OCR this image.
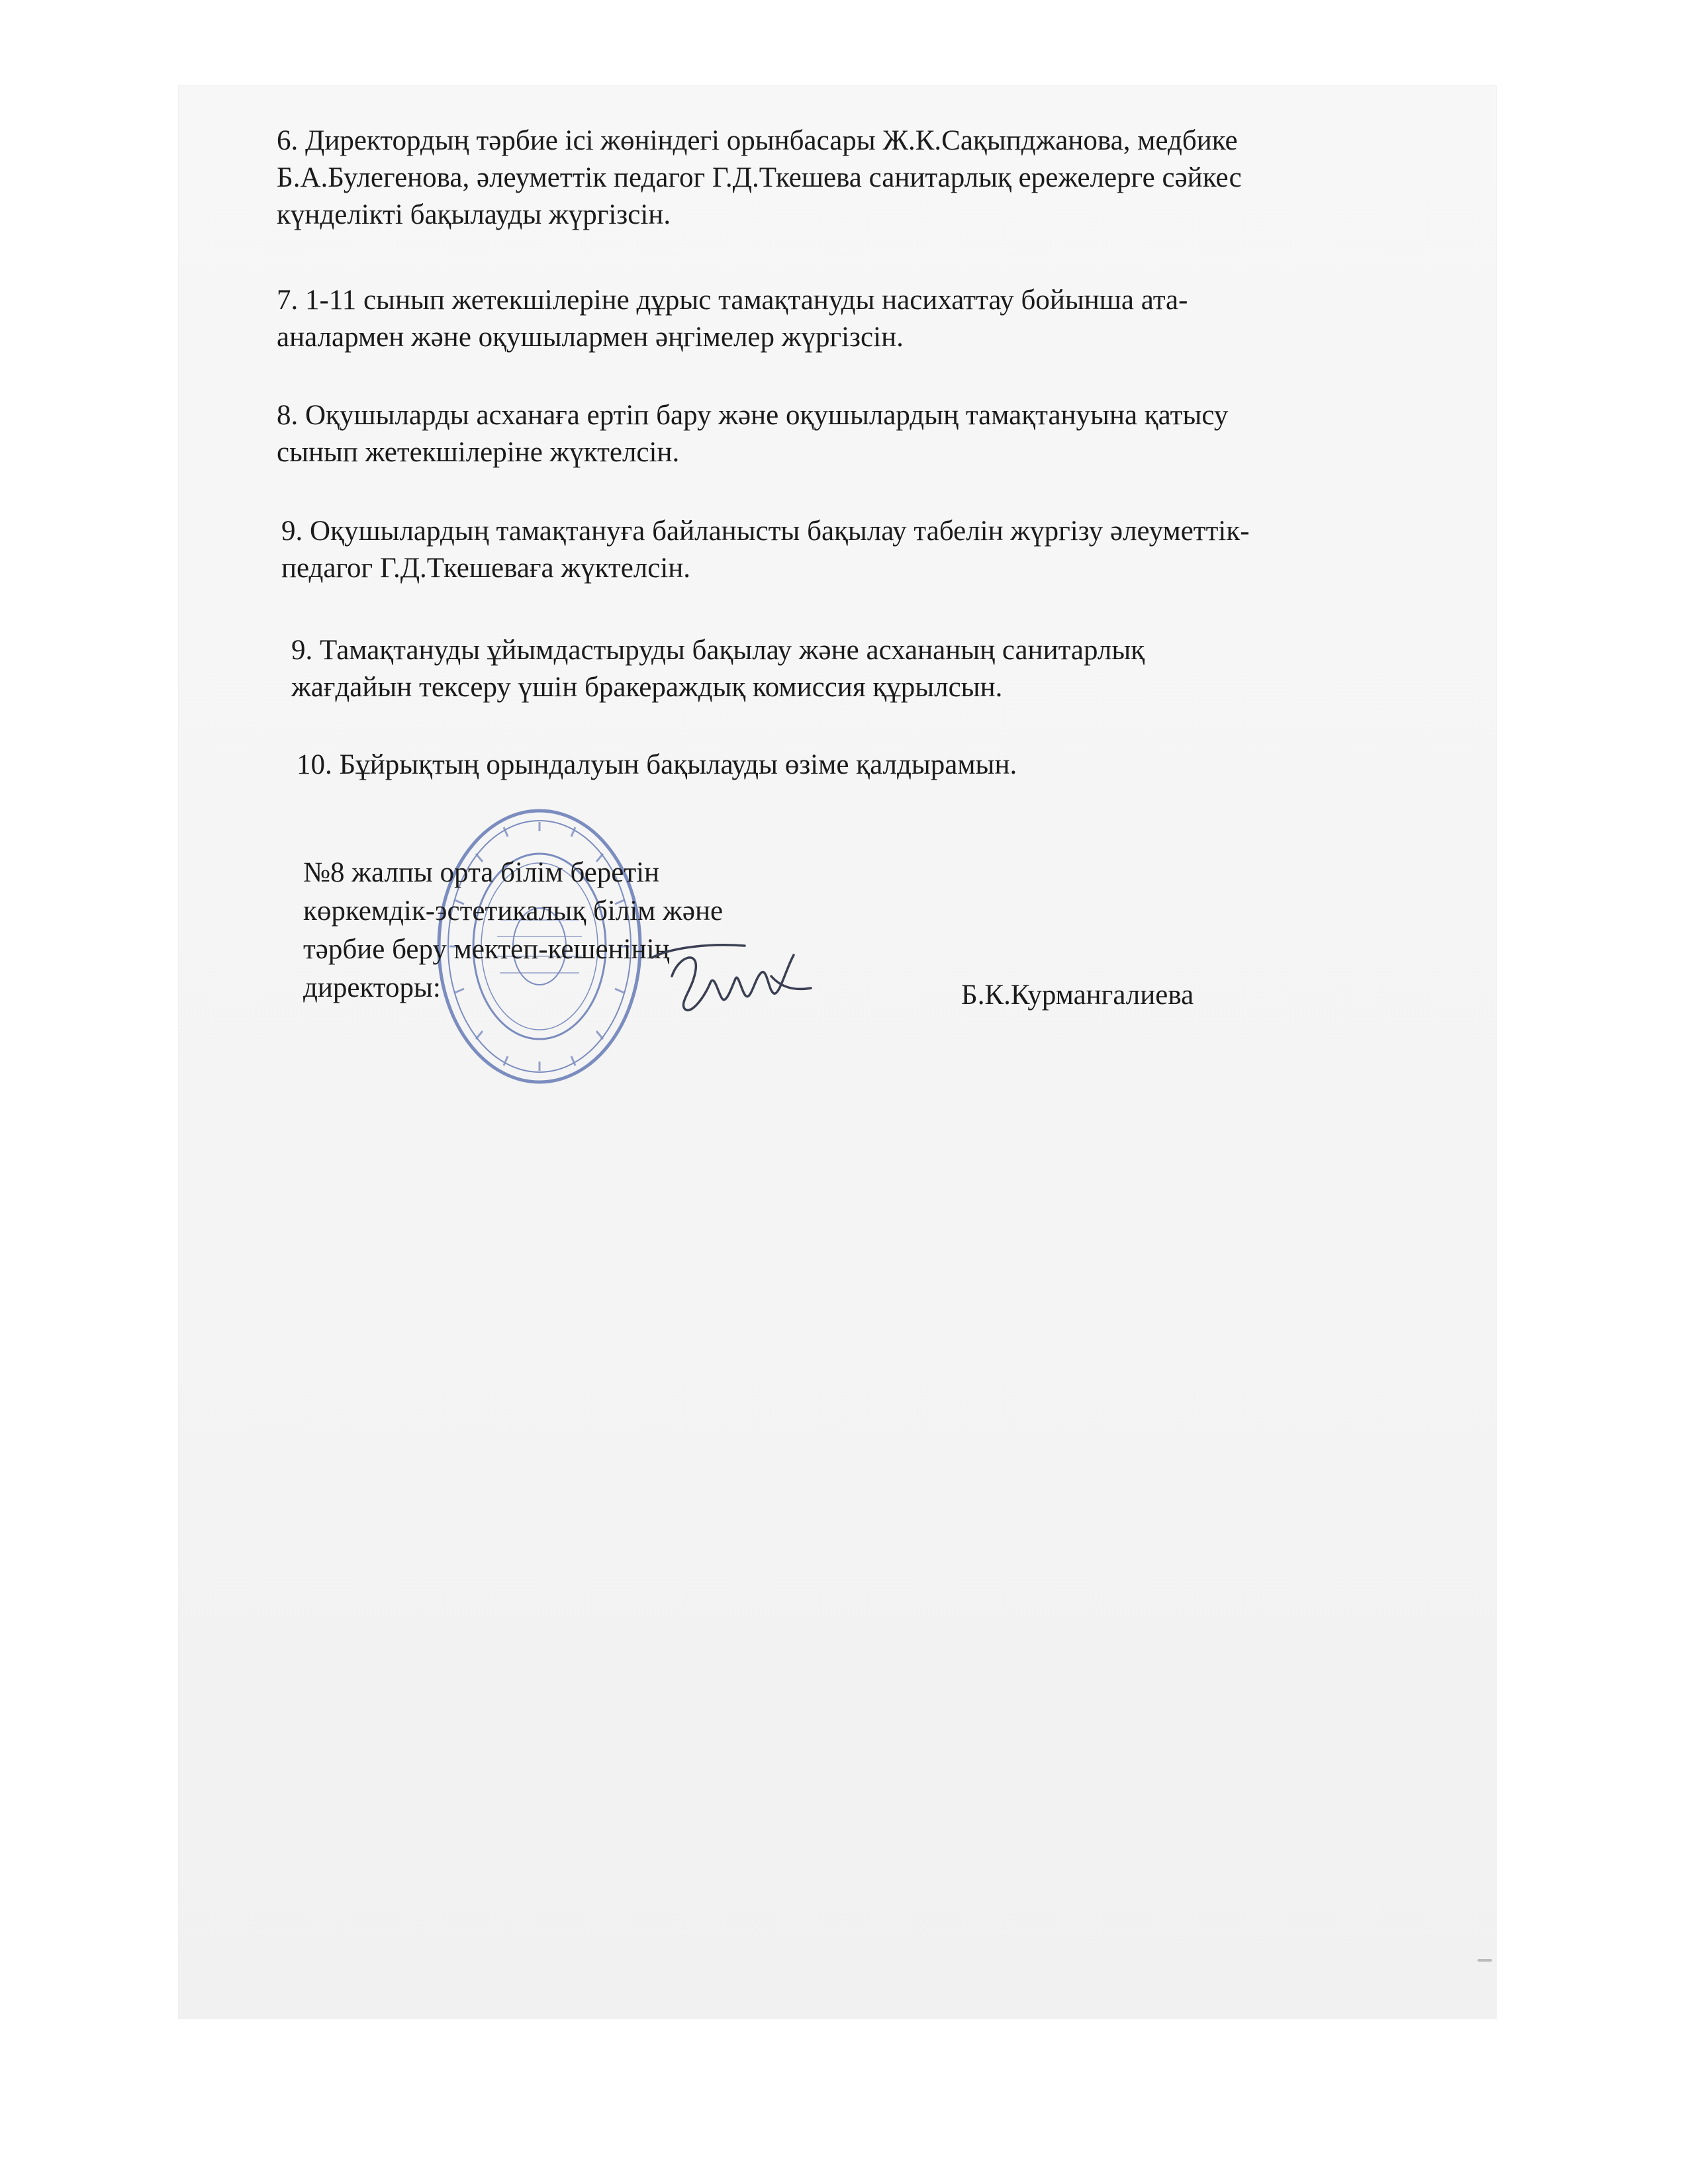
6. Директордың тәрбие ісі жөніндегі орынбасары Ж.К.Сақыпджанова, медбике
Б.А.Булегенова, әлеуметтік педагог Г.Д.Ткешева санитарлық ережелерге сәйкес
күнделікті бақылауды жүргізсін.
7. 1-11 сынып жетекшілеріне дұрыс тамақтануды насихаттау бойынша ата-
аналармен және оқушылармен әңгімелер жүргізсін.
8. Оқушыларды асханаға ертіп бару және оқушылардың тамақтануына қатысу
сынып жетекшілеріне жүктелсін.
9. Оқушылардың тамақтануға байланысты бақылау табелін жүргізу әлеуметтік-
педагог Г.Д.Ткешеваға жүктелсін.
9. Тамақтануды ұйымдастыруды бақылау және асхананың санитарлық
жағдайын тексеру үшін бракераждық комиссия құрылсын.
10. Бұйрықтың орындалуын бақылауды өзіме қалдырамын.
№8 жалпы орта білім беретін
көркемдік-эстетикалық білім және
тәрбие беру мектеп-кешенінің
директоры:	Б.К.Курмангалиева
